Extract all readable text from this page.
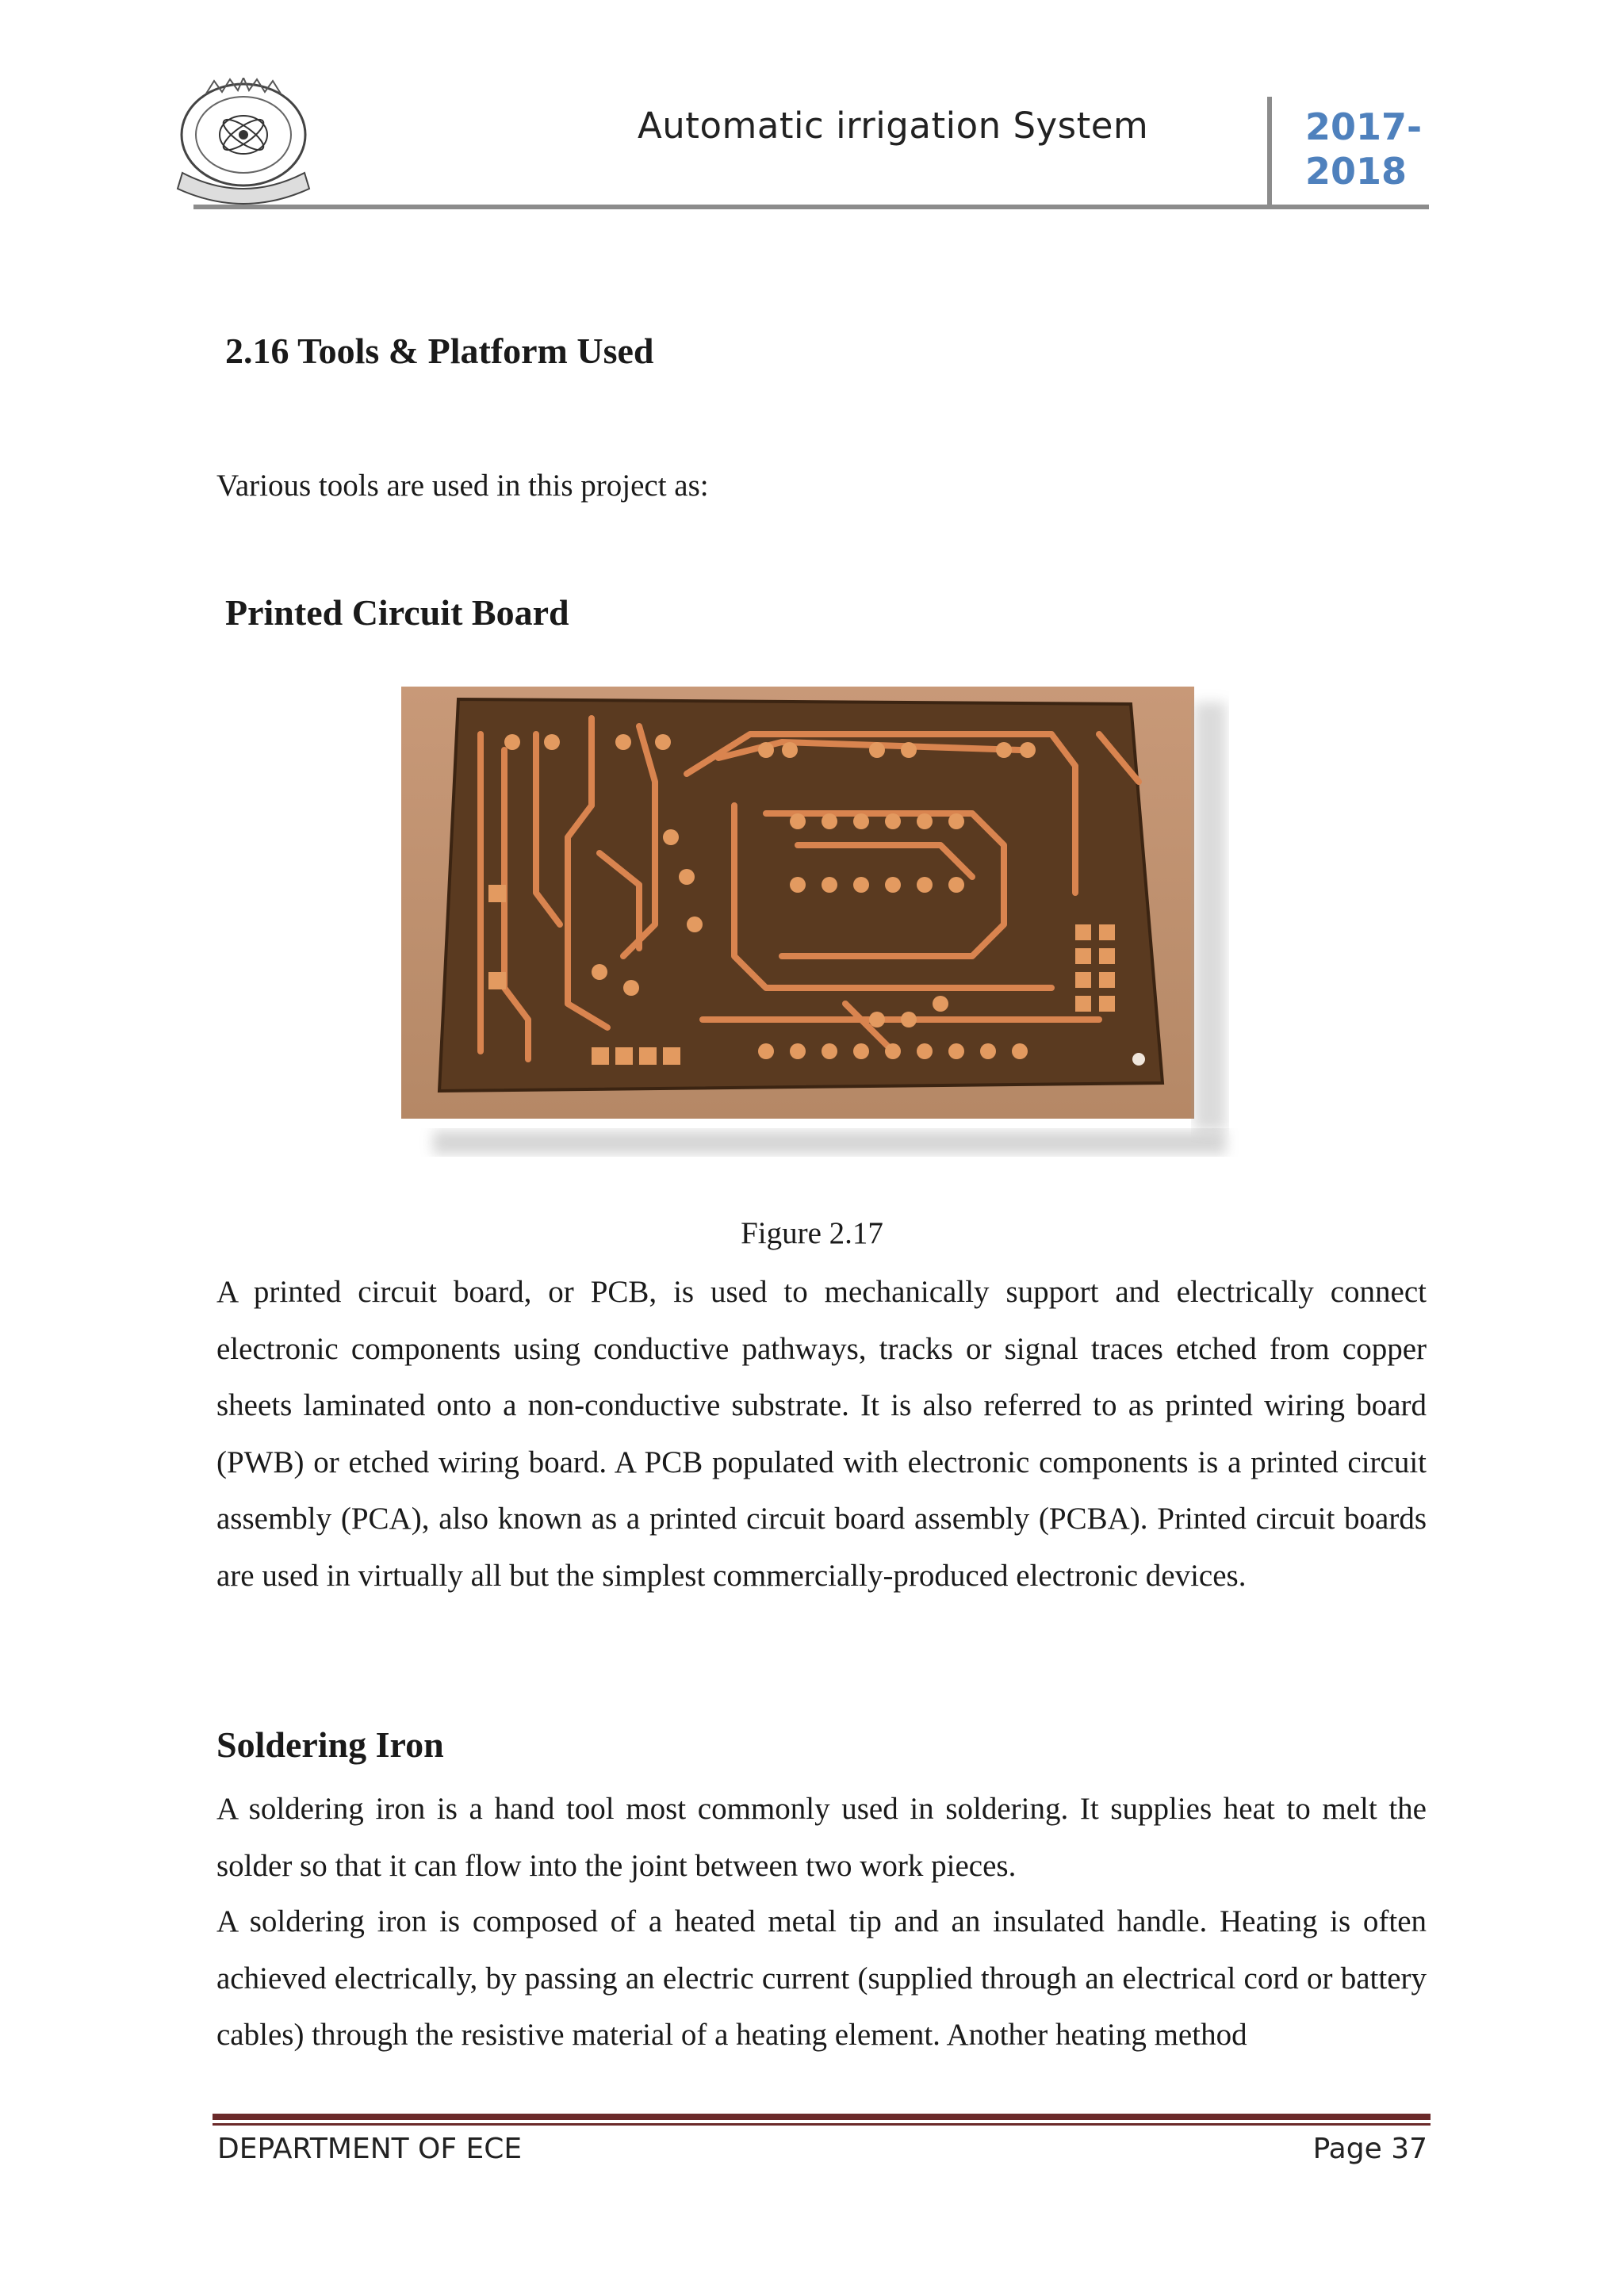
Automatic irrigation System	2017-2018
2.16 Tools & Platform Used
Various tools are used in this project as:
Printed Circuit Board
Figure 2.17

A printed circuit board, or PCB, is used to mechanically support and electrically connect electronic components using conductive pathways, tracks or signal traces etched from copper sheets laminated onto a non-conductive substrate. It is also referred to as printed wiring board (PWB) or etched wiring board. A PCB populated with electronic components is a printed circuit assembly (PCA), also known as a printed circuit board assembly (PCBA). Printed circuit boards are used in virtually all but the simplest commercially-produced electronic devices.

Soldering Iron

A soldering iron is a hand tool most commonly used in soldering. It supplies heat to melt the solder so that it can flow into the joint between two work pieces.

A soldering iron is composed of a heated metal tip and an insulated handle. Heating is often achieved electrically, by passing an electric current (supplied through an electrical cord or battery cables) through the resistive material of a heating element. Another heating method

DEPARTMENT OF ECE	Page 37
